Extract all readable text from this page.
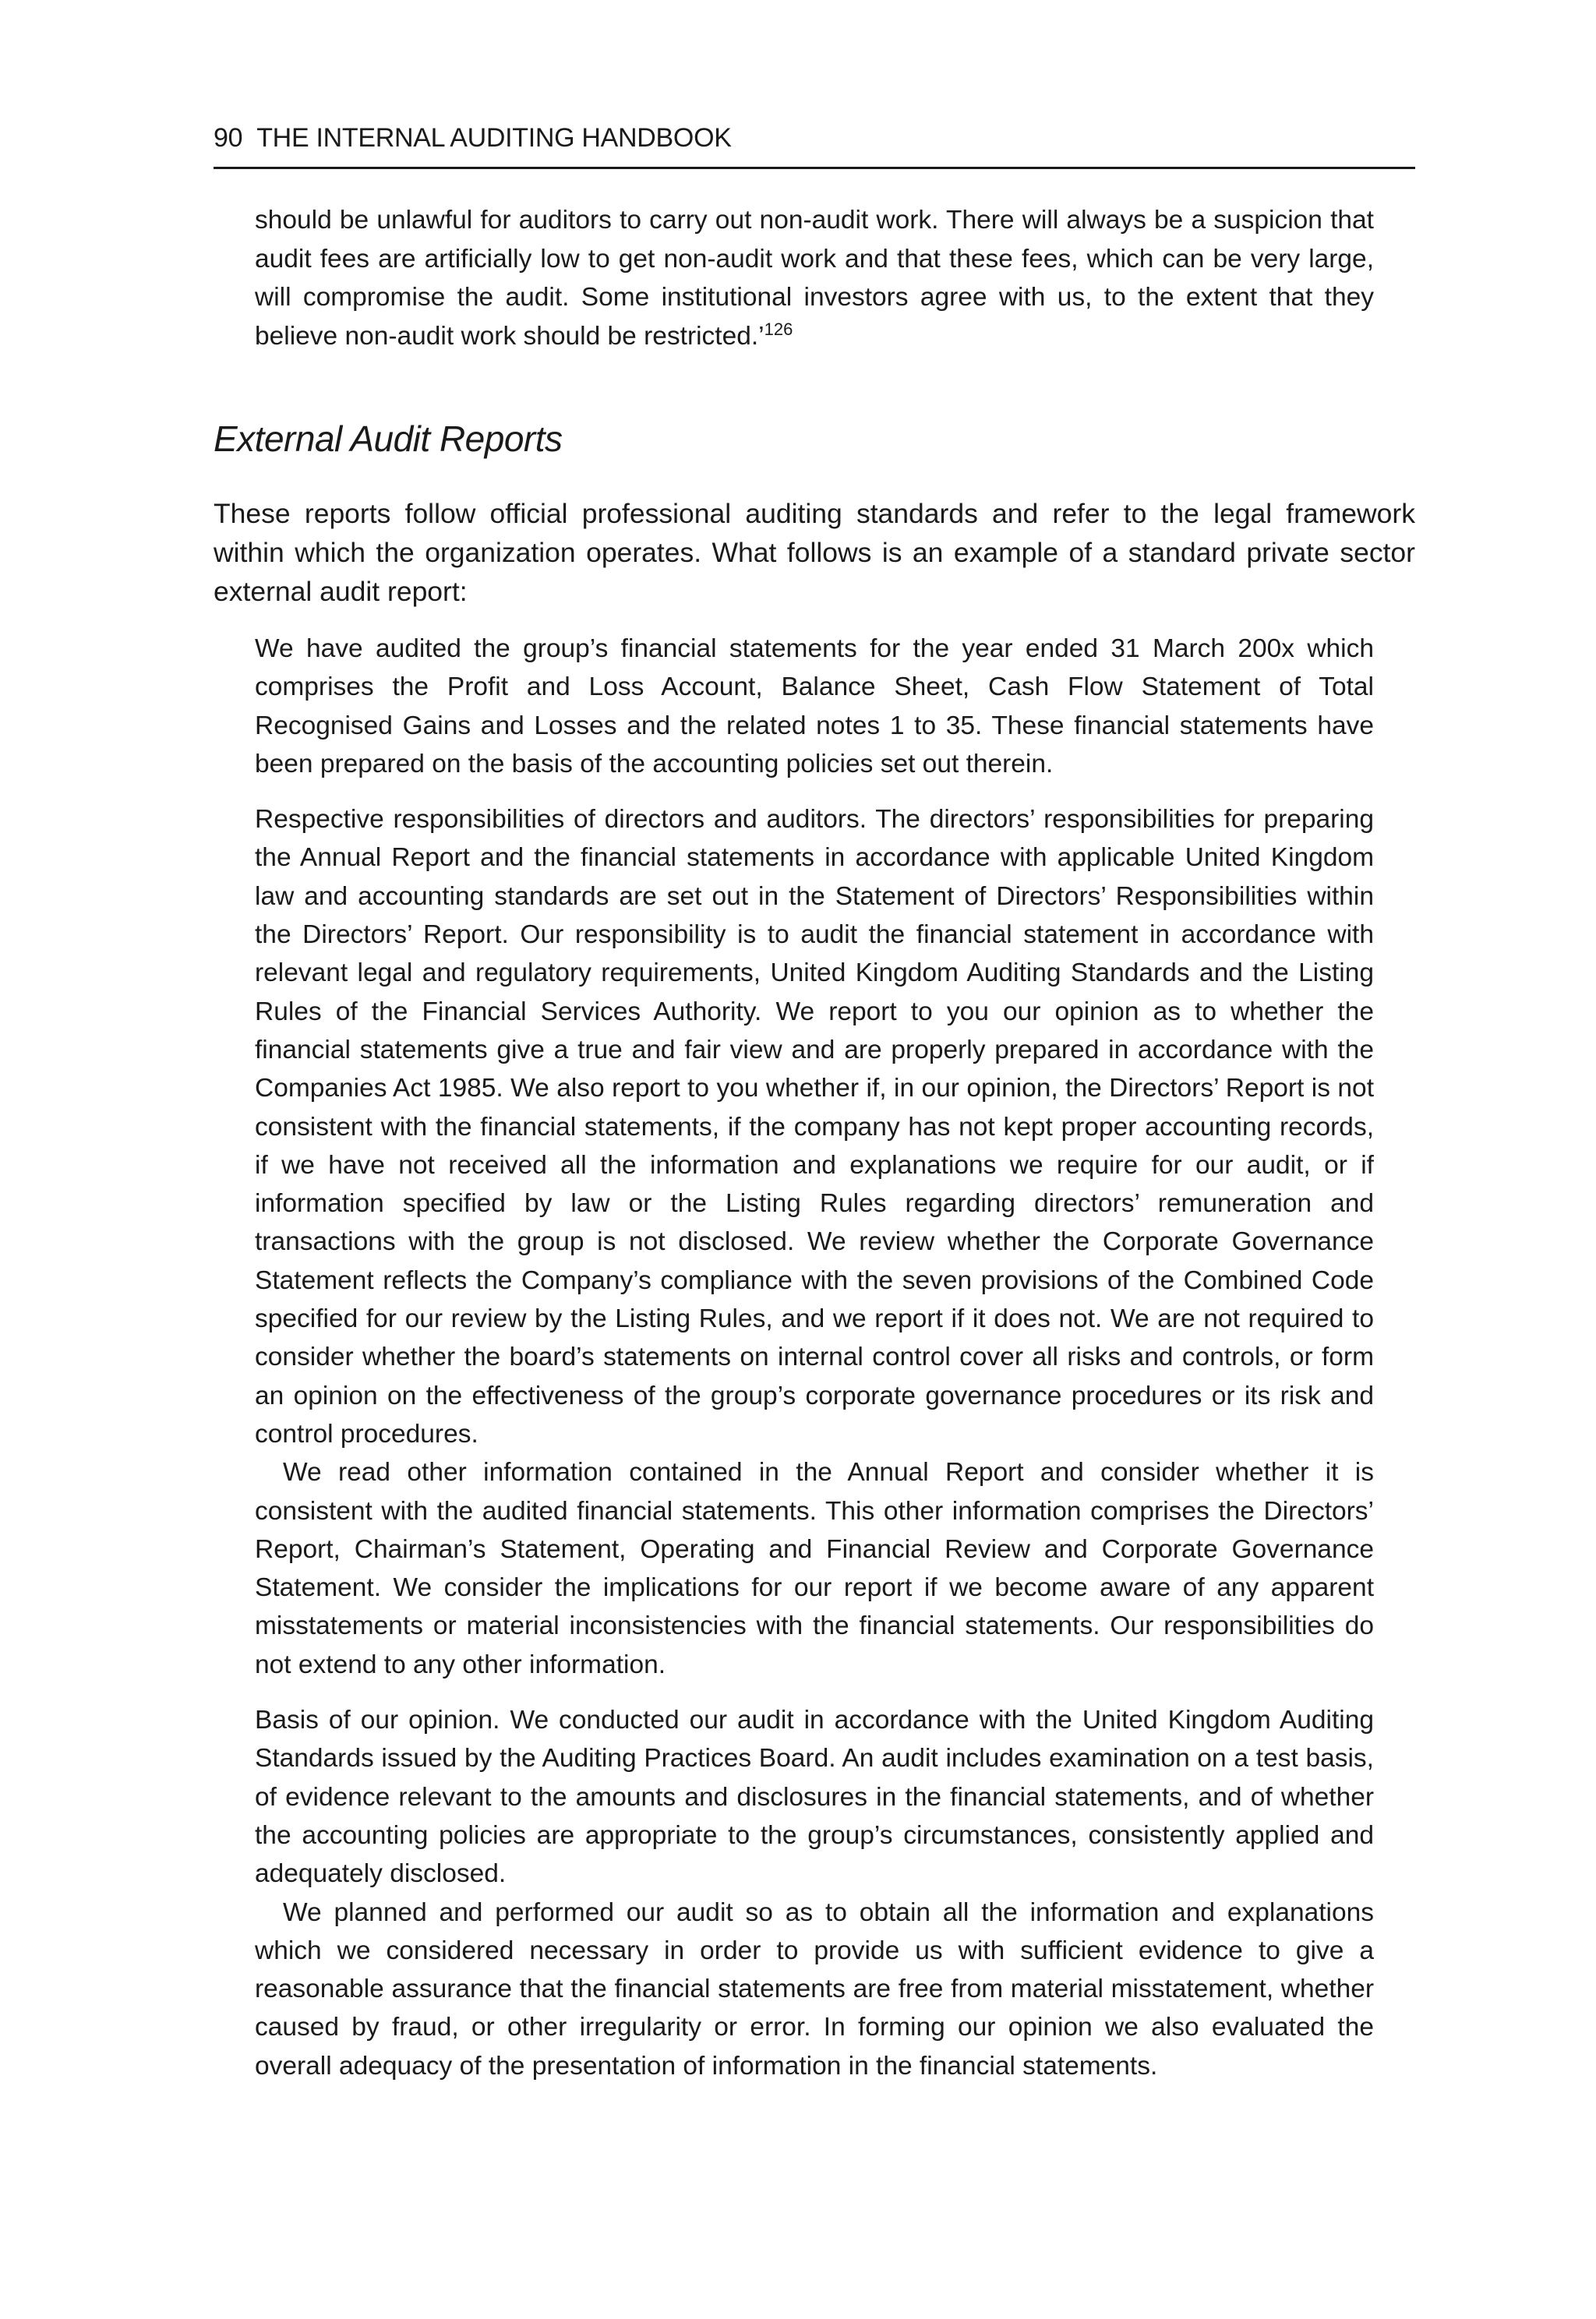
90 THE INTERNAL AUDITING HANDBOOK

should be unlawful for auditors to carry out non-audit work. There will always be a suspicion that audit fees are artificially low to get non-audit work and that these fees, which can be very large, will compromise the audit. Some institutional investors agree with us, to the extent that they believe non-audit work should be restricted.’$^{126}$

External Audit Reports

These reports follow official professional auditing standards and refer to the legal framework within which the organization operates. What follows is an example of a standard private sector external audit report:

We have audited the group’s financial statements for the year ended 31 March 200x which comprises the Profit and Loss Account, Balance Sheet, Cash Flow Statement of Total Recognised Gains and Losses and the related notes 1 to 35. These financial statements have been prepared on the basis of the accounting policies set out therein.

Respective responsibilities of directors and auditors. The directors’ responsibilities for preparing the Annual Report and the financial statements in accordance with applicable United Kingdom law and accounting standards are set out in the Statement of Directors’ Responsibilities within the Directors’ Report. Our responsibility is to audit the financial statement in accordance with relevant legal and regulatory requirements, United Kingdom Auditing Standards and the Listing Rules of the Financial Services Authority. We report to you our opinion as to whether the financial statements give a true and fair view and are properly prepared in accordance with the Companies Act 1985. We also report to you whether if, in our opinion, the Directors’ Report is not consistent with the financial statements, if the company has not kept proper accounting records, if we have not received all the information and explanations we require for our audit, or if information specified by law or the Listing Rules regarding directors’ remuneration and transactions with the group is not disclosed. We review whether the Corporate Governance Statement reflects the Company’s compliance with the seven provisions of the Combined Code specified for our review by the Listing Rules, and we report if it does not. We are not required to consider whether the board’s statements on internal control cover all risks and controls, or form an opinion on the effectiveness of the group’s corporate governance procedures or its risk and control procedures.

We read other information contained in the Annual Report and consider whether it is consistent with the audited financial statements. This other information comprises the Directors’ Report, Chairman’s Statement, Operating and Financial Review and Corporate Governance Statement. We consider the implications for our report if we become aware of any apparent misstatements or material inconsistencies with the financial statements. Our responsibilities do not extend to any other information.

Basis of our opinion. We conducted our audit in accordance with the United Kingdom Auditing Standards issued by the Auditing Practices Board. An audit includes examination on a test basis, of evidence relevant to the amounts and disclosures in the financial statements, and of whether the accounting policies are appropriate to the group’s circumstances, consistently applied and adequately disclosed.

We planned and performed our audit so as to obtain all the information and explanations which we considered necessary in order to provide us with sufficient evidence to give a reasonable assurance that the financial statements are free from material misstatement, whether caused by fraud, or other irregularity or error. In forming our opinion we also evaluated the overall adequacy of the presentation of information in the financial statements.
